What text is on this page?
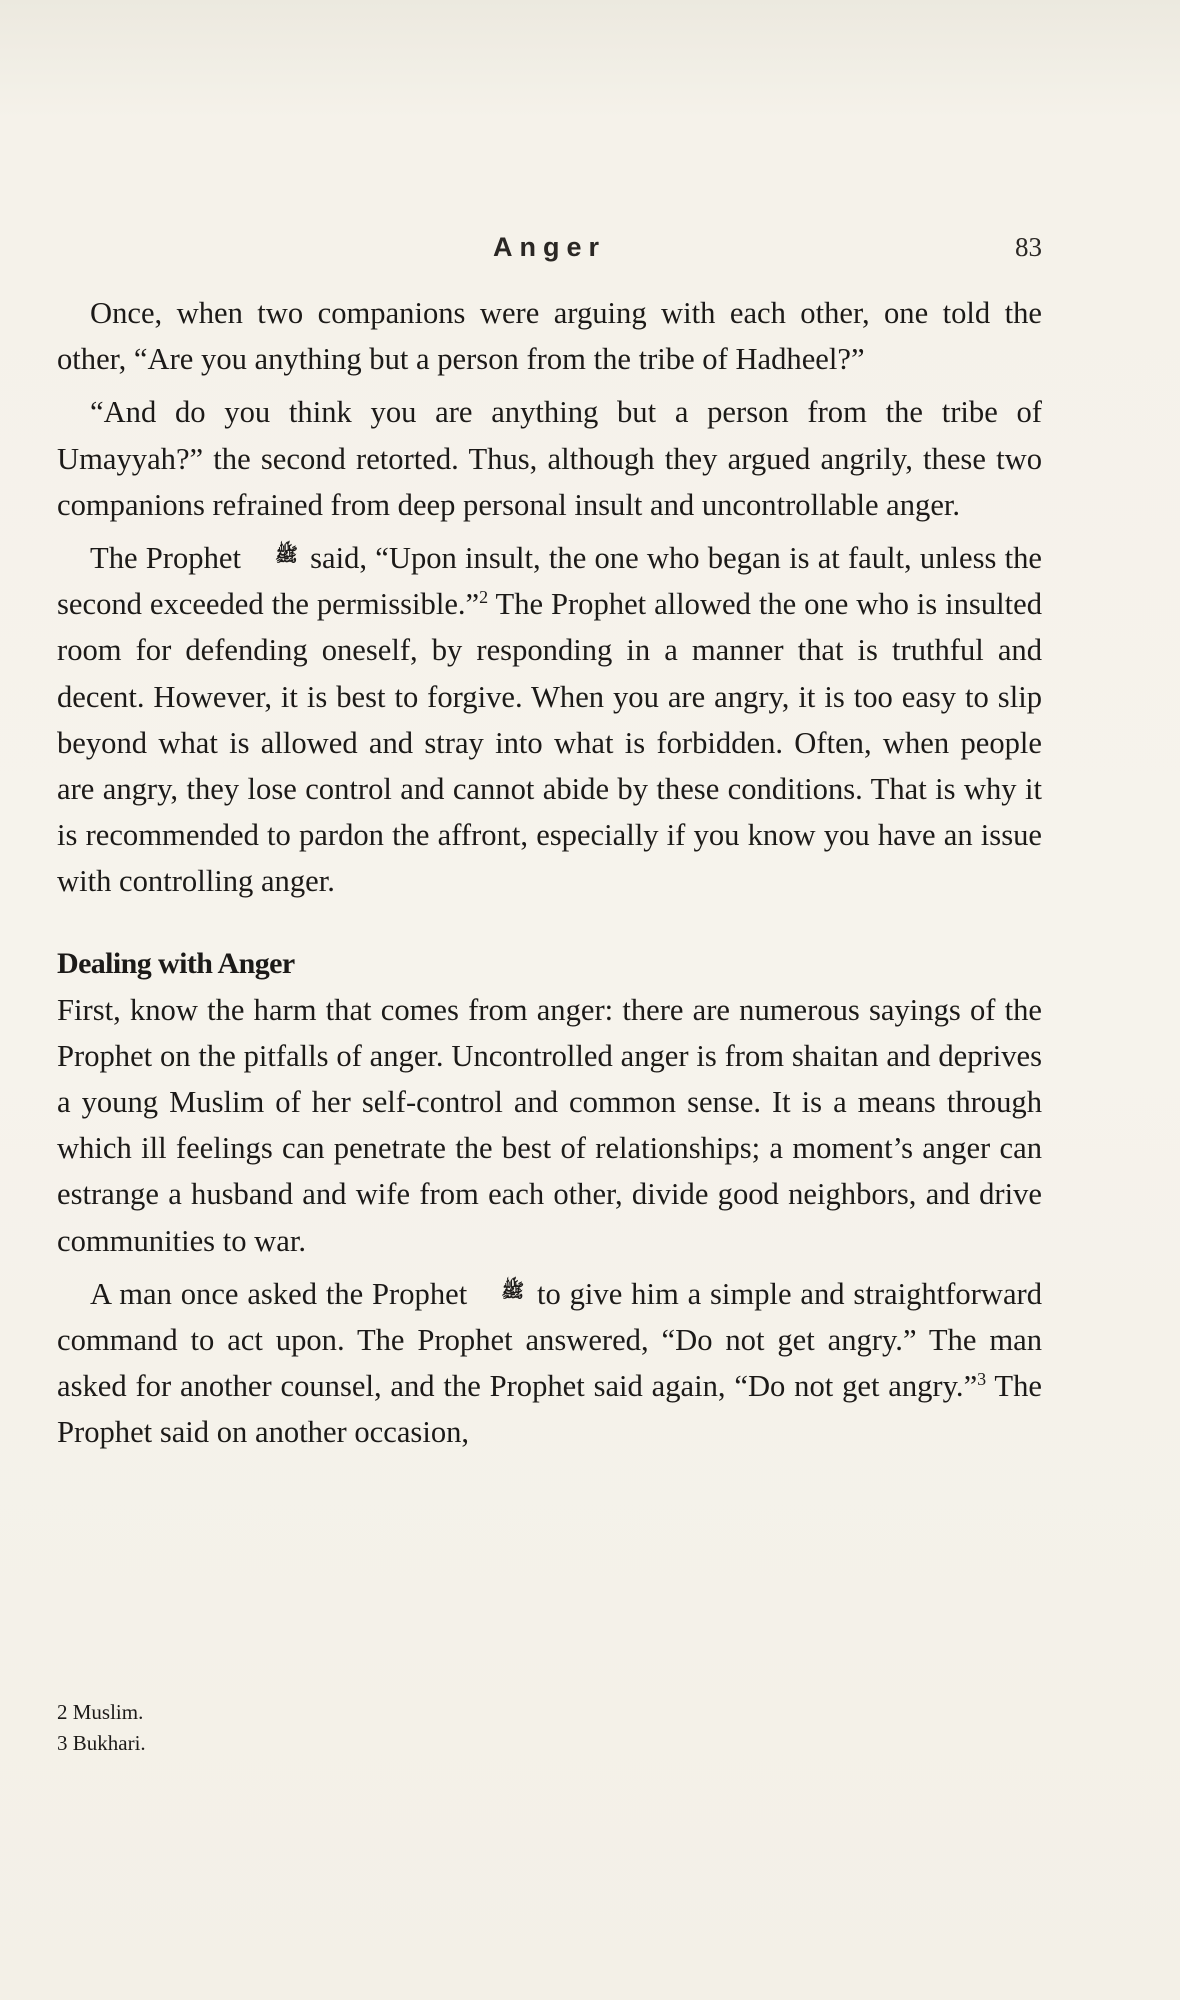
Anger	83

Once, when two companions were arguing with each other, one told the other, “Are you anything but a person from the tribe of Hadheel?”

“And do you think you are anything but a person from the tribe of Umayyah?” the second retorted. Thus, although they argued angrily, these two companions refrained from deep personal insult and uncontrollable anger.

The Prophet ﷺ said, “Upon insult, the one who began is at fault, unless the second exceeded the permissible.”$^2$ The Prophet allowed the one who is insulted room for defending oneself, by responding in a manner that is truthful and decent. However, it is best to forgive. When you are angry, it is too easy to slip beyond what is allowed and stray into what is forbidden. Often, when people are angry, they lose control and cannot abide by these conditions. That is why it is recommended to pardon the affront, especially if you know you have an issue with controlling anger.

Dealing with Anger

First, know the harm that comes from anger: there are numerous sayings of the Prophet on the pitfalls of anger. Uncontrolled anger is from shaitan and deprives a young Muslim of her self-control and common sense. It is a means through which ill feelings can penetrate the best of relationships; a moment’s anger can estrange a husband and wife from each other, divide good neighbors, and drive communities to war.

A man once asked the Prophet ﷺ to give him a simple and straightforward command to act upon. The Prophet answered, “Do not get angry.” The man asked for another counsel, and the Prophet said again, “Do not get angry.”$^3$ The Prophet said on another occasion,

2 Muslim.
3 Bukhari.
